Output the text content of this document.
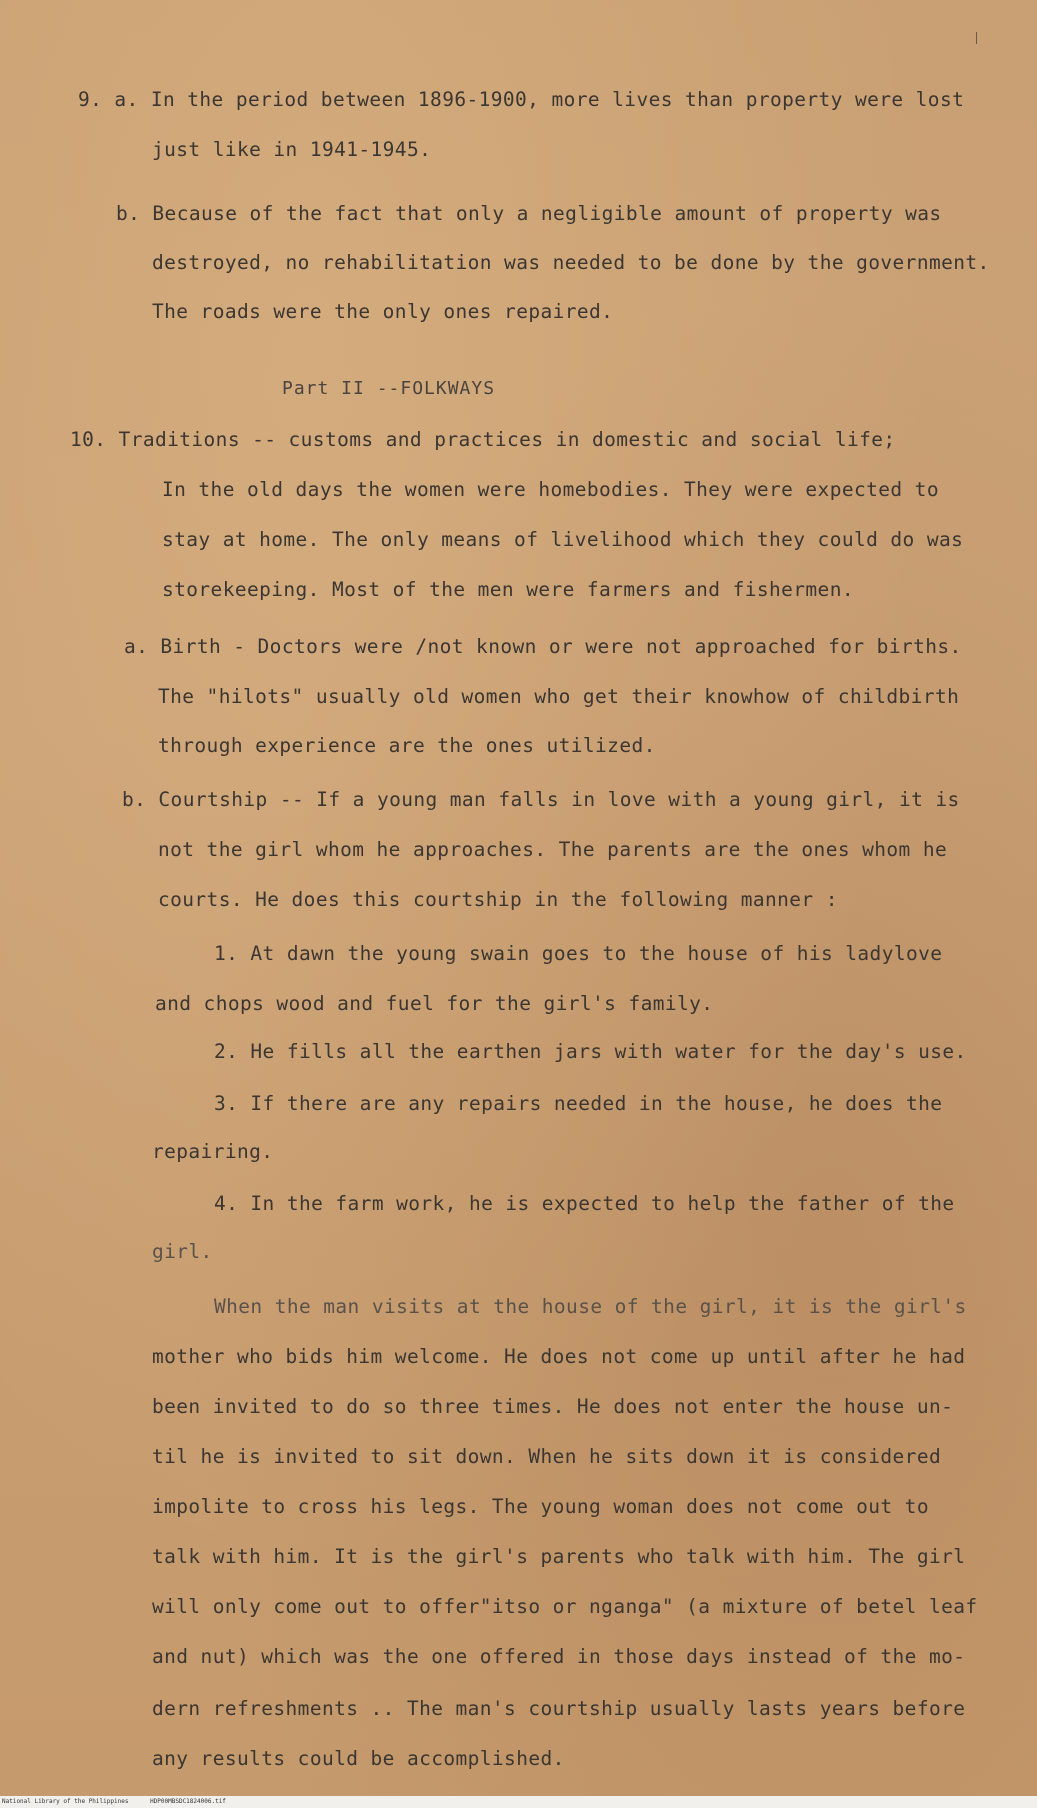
9. a. In the period between 1896-1900, more lives than property were lost
just like in 1941-1945.
b. Because of the fact that only a negligible amount of property was
destroyed, no rehabilitation was needed to be done by the government.
The roads were the only ones repaired.
Part II --FOLKWAYS
10. Traditions -- customs and practices in domestic and social life;
In the old days the women were homebodies. They were expected to
stay at home. The only means of livelihood which they could do was
storekeeping. Most of the men were farmers and fishermen.
a. Birth - Doctors were /not known or were not approached for births.
The "hilots" usually old women who get their knowhow of childbirth
through experience are the ones utilized.
b. Courtship -- If a young man falls in love with a young girl, it is
not the girl whom he approaches. The parents are the ones whom he
courts. He does this courtship in the following manner :
1. At dawn the young swain goes to the house of his ladylove
and chops wood and fuel for the girl's family.
2. He fills all the earthen jars with water for the day's use.
3. If there are any repairs needed in the house, he does the
repairing.
4. In the farm work, he is expected to help the father of the
girl.
When the man visits at the house of the girl, it is the girl's
mother who bids him welcome. He does not come up until after he had
been invited to do so three times. He does not enter the house un-
til he is invited to sit down. When he sits down it is considered
impolite to cross his legs. The young woman does not come out to
talk with him. It is the girl's parents who talk with him. The girl
will only come out to offer"itso or nganga" (a mixture of betel leaf
and nut) which was the one offered in those days instead of the mo-
dern refreshments .. The man's courtship usually lasts years before
any results could be accomplished.
National Library of the Philippines	HDP00MBSDC1824006.tif
